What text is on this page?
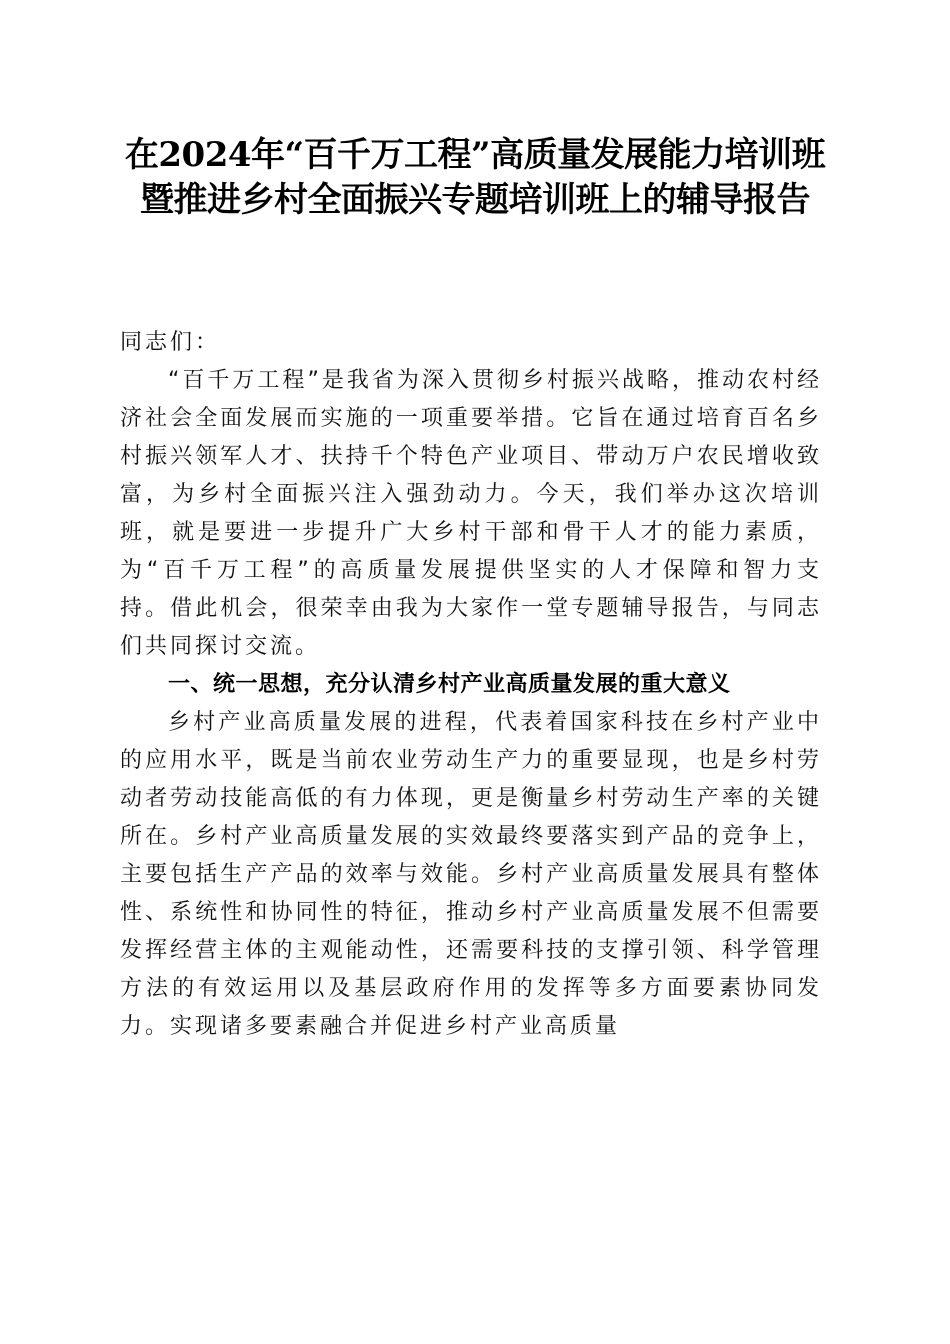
在2024年“百千万工程”高质量发展能力培训班暨推进乡村全面振兴专题培训班上的辅导报告

同志们：

“百千万工程”是我省为深入贯彻乡村振兴战略，推动农村经济社会全面发展而实施的一项重要举措。它旨在通过培育百名乡村振兴领军人才、扶持千个特色产业项目、带动万户农民增收致富，为乡村全面振兴注入强劲动力。今天，我们举办这次培训班，就是要进一步提升广大乡村干部和骨干人才的能力素质，为“百千万工程”的高质量发展提供坚实的人才保障和智力支持。借此机会，很荣幸由我为大家作一堂专题辅导报告，与同志们共同探讨交流。

一、统一思想，充分认清乡村产业高质量发展的重大意义

乡村产业高质量发展的进程，代表着国家科技在乡村产业中的应用水平，既是当前农业劳动生产力的重要显现，也是乡村劳动者劳动技能高低的有力体现，更是衡量乡村劳动生产率的关键所在。乡村产业高质量发展的实效最终要落实到产品的竞争上，主要包括生产产品的效率与效能。乡村产业高质量发展具有整体性、系统性和协同性的特征，推动乡村产业高质量发展不但需要发挥经营主体的主观能动性，还需要科技的支撑引领、科学管理方法的有效运用以及基层政府作用的发挥等多方面要素协同发力。实现诸多要素融合并促进乡村产业高质量
